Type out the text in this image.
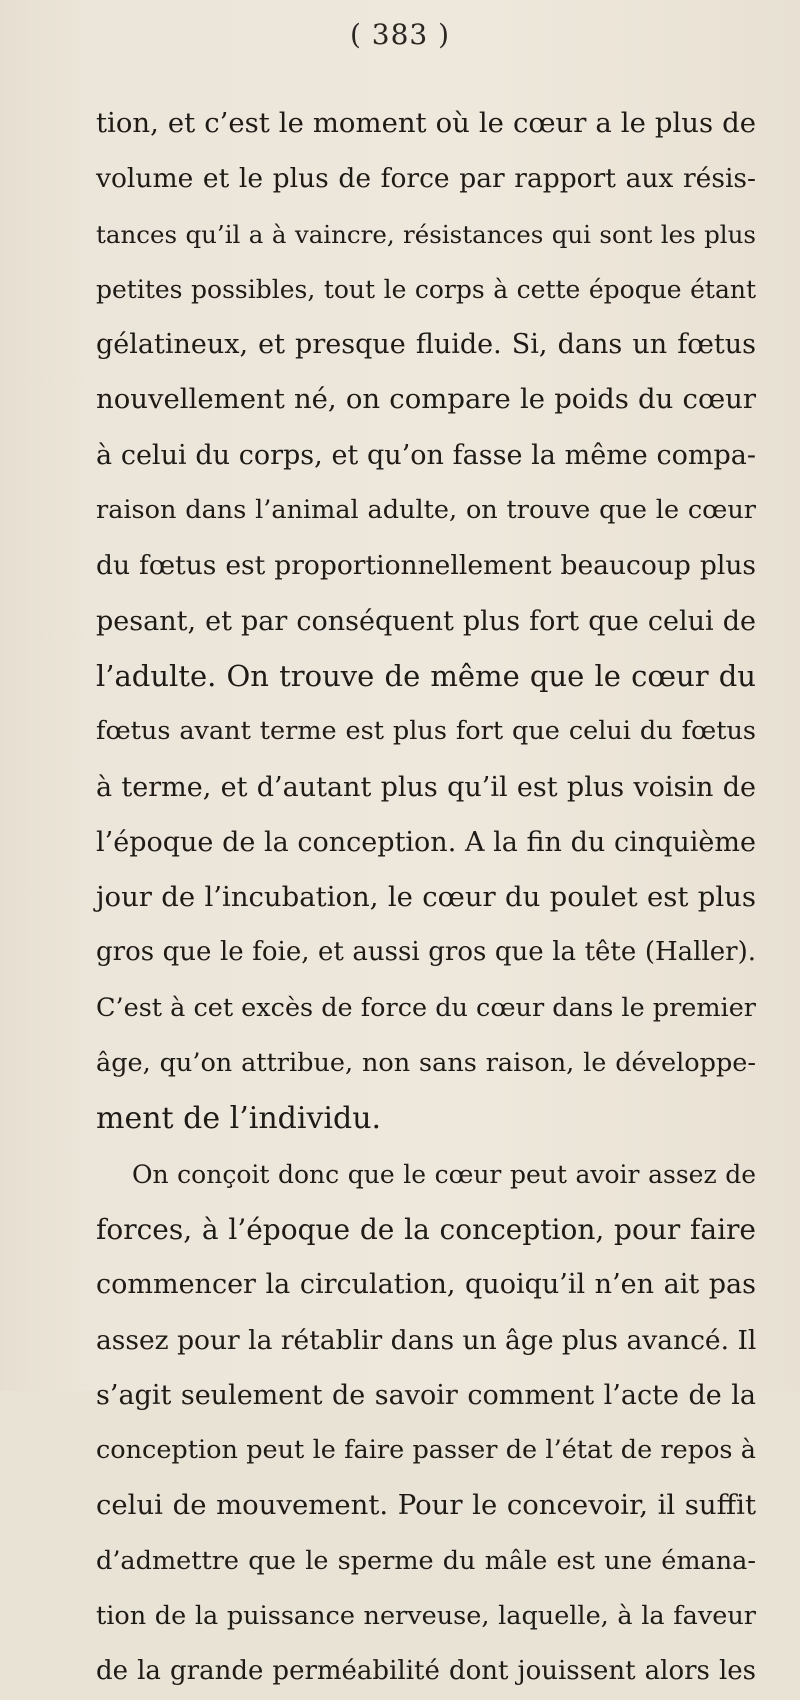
( 383 )
tion, et c’est le moment où le cœur a le plus de
volume et le plus de force par rapport aux résis-
tances qu’il a à vaincre, résistances qui sont les plus
petites possibles, tout le corps à cette époque étant
gélatineux, et presque fluide. Si, dans un fœtus
nouvellement né, on compare le poids du cœur
à celui du corps, et qu’on fasse la même compa-
raison dans l’animal adulte, on trouve que le cœur
du fœtus est proportionnellement beaucoup plus
pesant, et par conséquent plus fort que celui de
l’adulte. On trouve de même que le cœur du
fœtus avant terme est plus fort que celui du fœtus
à terme, et d’autant plus qu’il est plus voisin de
l’époque de la conception. A la fin du cinquième
jour de l’incubation, le cœur du poulet est plus
gros que le foie, et aussi gros que la tête (Haller).
C’est à cet excès de force du cœur dans le premier
âge, qu’on attribue, non sans raison, le développe-
ment de l’individu.
On conçoit donc que le cœur peut avoir assez de
forces, à l’époque de la conception, pour faire
commencer la circulation, quoiqu’il n’en ait pas
assez pour la rétablir dans un âge plus avancé. Il
s’agit seulement de savoir comment l’acte de la
conception peut le faire passer de l’état de repos à
celui de mouvement. Pour le concevoir, il suffit
d’admettre que le sperme du mâle est une émana-
tion de la puissance nerveuse, laquelle, à la faveur
de la grande perméabilité dont jouissent alors les
